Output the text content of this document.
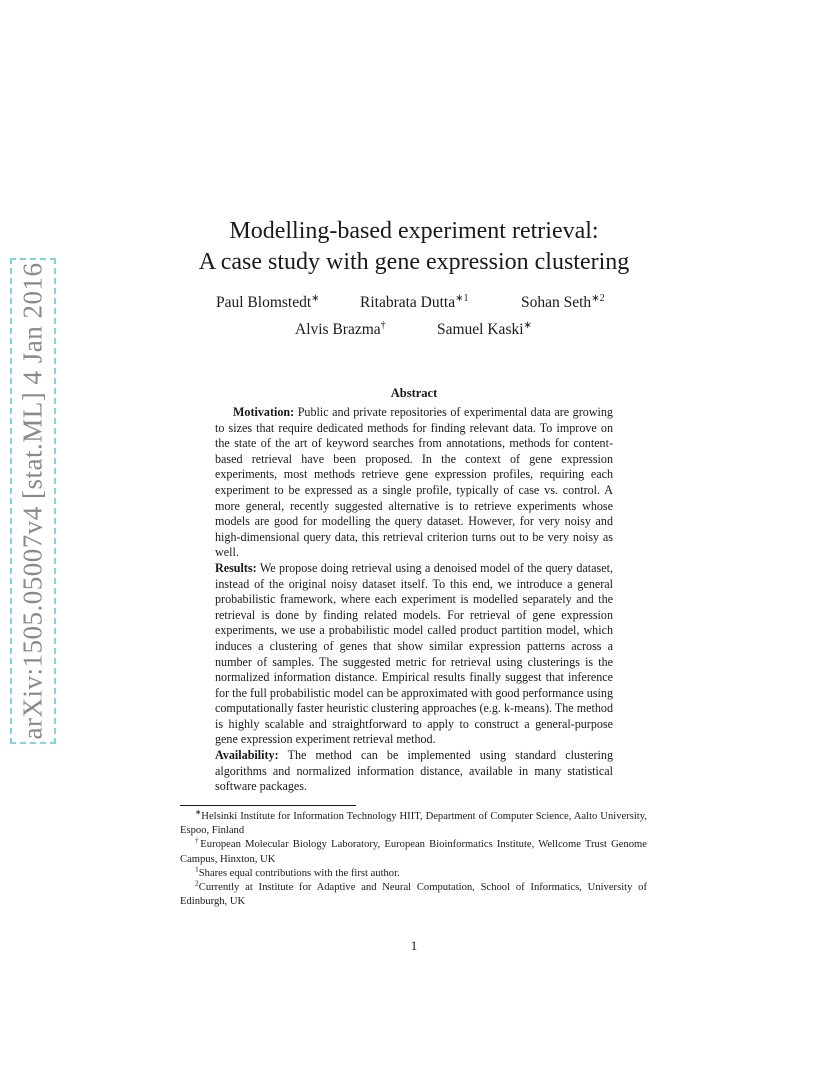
arXiv:1505.05007v4 [stat.ML] 4 Jan 2016
Modelling-based experiment retrieval:
A case study with gene expression clustering
Paul Blomstedt∗	Ritabrata Dutta$^{∗1}$	Sohan Seth$^{∗2}$
Alvis Brazma†	Samuel Kaski∗
Abstract

Motivation: Public and private repositories of experimental data are growing to sizes that require dedicated methods for finding relevant data. To improve on the state of the art of keyword searches from annotations, methods for content-based retrieval have been proposed. In the context of gene expression experiments, most methods retrieve gene expression profiles, requiring each experiment to be expressed as a single profile, typically of case vs. control. A more general, recently suggested alternative is to retrieve experiments whose models are good for modelling the query dataset. However, for very noisy and high-dimensional query data, this retrieval criterion turns out to be very noisy as well.

Results: We propose doing retrieval using a denoised model of the query dataset, instead of the original noisy dataset itself. To this end, we introduce a general probabilistic framework, where each experiment is modelled separately and the retrieval is done by finding related models. For retrieval of gene expression experiments, we use a probabilistic model called product partition model, which induces a clustering of genes that show similar expression patterns across a number of samples. The suggested metric for retrieval using clusterings is the normalized information distance. Empirical results finally suggest that inference for the full probabilistic model can be approximated with good performance using computationally faster heuristic clustering approaches (e.g. k-means). The method is highly scalable and straightforward to apply to construct a general-purpose gene expression experiment retrieval method.

Availability: The method can be implemented using standard clustering algorithms and normalized information distance, available in many statistical software packages.

∗Helsinki Institute for Information Technology HIIT, Department of Computer Science, Aalto University, Espoo, Finland

†European Molecular Biology Laboratory, European Bioinformatics Institute, Wellcome Trust Genome Campus, Hinxton, UK

$^1$Shares equal contributions with the first author.

$^2$Currently at Institute for Adaptive and Neural Computation, School of Informatics, University of Edinburgh, UK

1
